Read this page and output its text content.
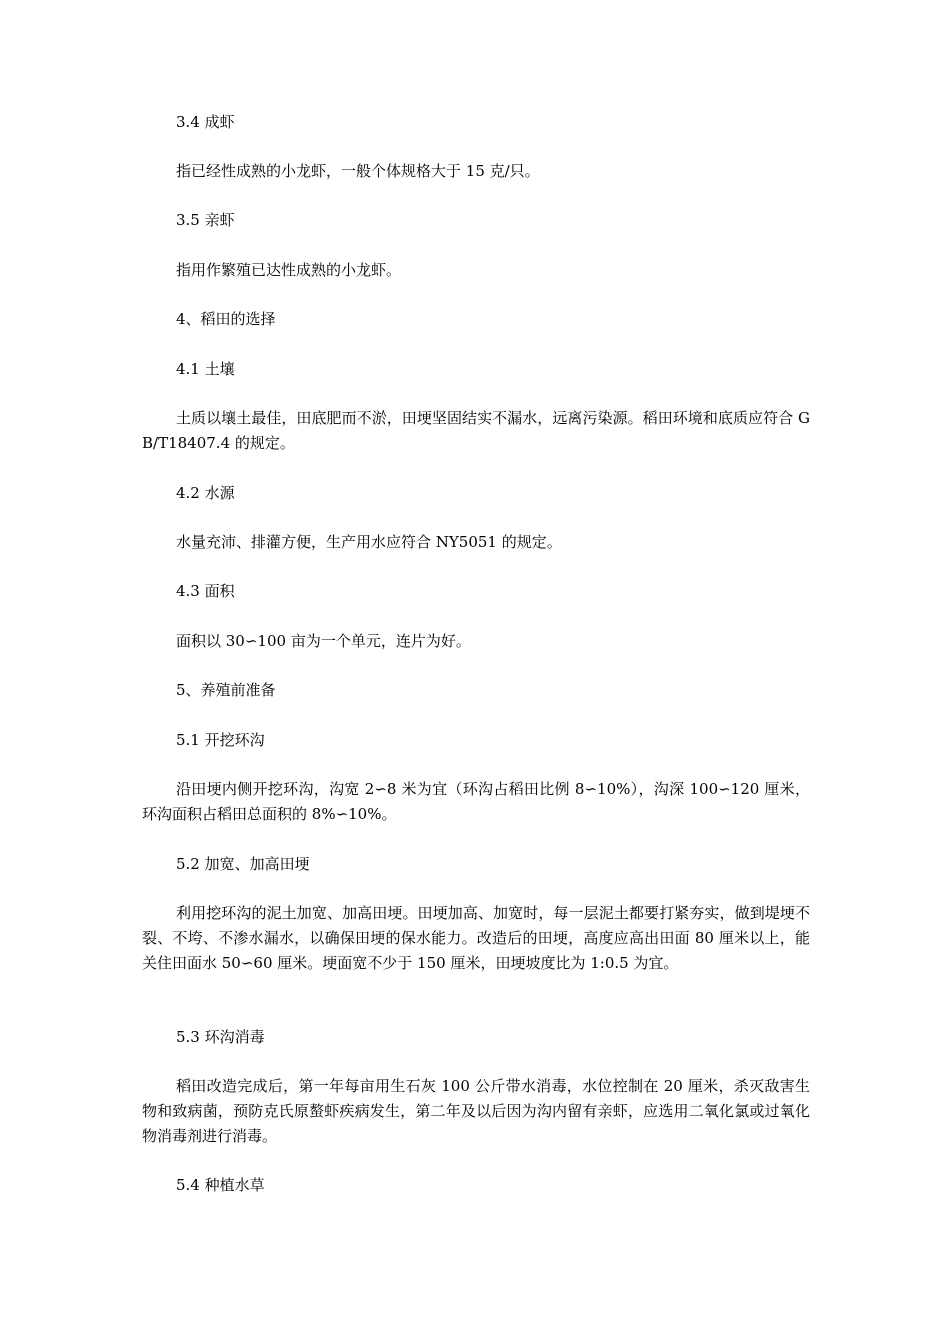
3.4 成虾

指已经性成熟的小龙虾，一般个体规格大于 15 克/只。

3.5 亲虾

指用作繁殖已达性成熟的小龙虾。

4、稻田的选择

4.1 土壤

土质以壤土最佳，田底肥而不淤，田埂坚固结实不漏水，远离污染源。稻田环境和底质应符合 GB/T18407.4 的规定。

4.2 水源

水量充沛、排灌方便，生产用水应符合 NY5051 的规定。

4.3 面积

面积以 30∽100 亩为一个单元，连片为好。

5、养殖前准备

5.1 开挖环沟

沿田埂内侧开挖环沟，沟宽 2∽8 米为宜（环沟占稻田比例 8∽10%），沟深 100∽120 厘米，环沟面积占稻田总面积的 8%∽10%。

5.2 加宽、加高田埂

利用挖环沟的泥土加宽、加高田埂。田埂加高、加宽时，每一层泥土都要打紧夯实，做到堤埂不裂、不垮、不渗水漏水，以确保田埂的保水能力。改造后的田埂，高度应高出田面 80 厘米以上，能关住田面水 50∽60 厘米。埂面宽不少于 150 厘米，田埂坡度比为 1:0.5 为宜。

5.3 环沟消毒

稻田改造完成后，第一年每亩用生石灰 100 公斤带水消毒，水位控制在 20 厘米，杀灭敌害生物和致病菌，预防克氏原螯虾疾病发生，第二年及以后因为沟内留有亲虾，应选用二氧化氯或过氧化物消毒剂进行消毒。

5.4 种植水草
